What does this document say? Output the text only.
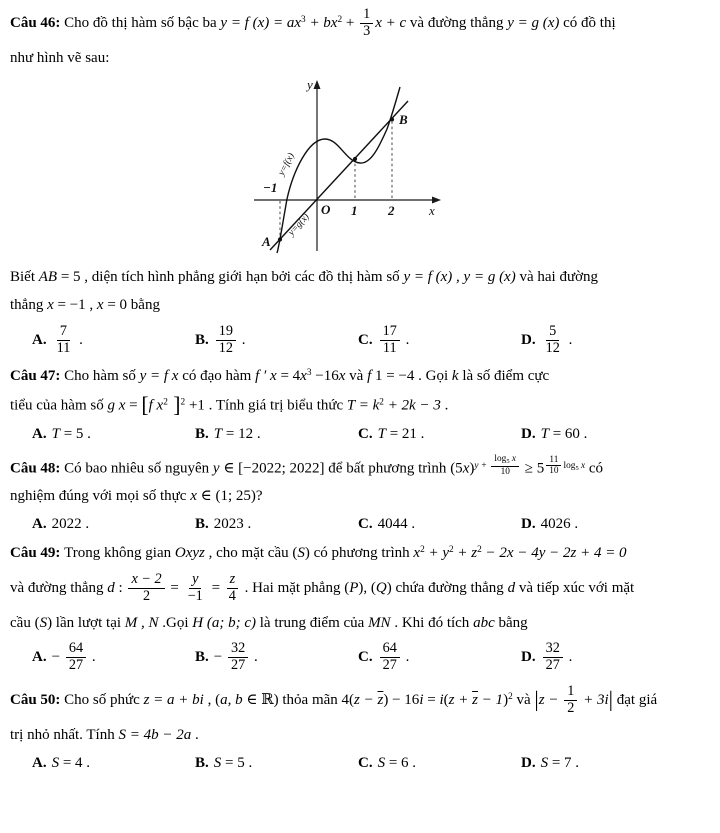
Câu 46: Cho đồ thị hàm số bậc ba y = f $(x) = ax^3 + bx^2 + \frac{1}{3}$ x + c và đường thẳng y = g (x) có đồ thị
như hình vẽ sau:
y
x
O
−1
1 2
A
B
y=f(x)
y=g(x)
Biết AB = 5 , diện tích hình phẳng giới hạn bởi các đồ thị hàm số y = f (x) , y = g (x) và hai đường
thẳng x = −1 , x = 0 bằng
A. $\frac{7}{11}$ .	B. $\frac{19}{12}$ .	C. $\frac{17}{11}$ .	D. $\frac{5}{12}$ .
Câu 47: Cho hàm số y = f x có đạo hàm f ′ $x = 4x^3 -16x$ và f 1 = −4 . Gọi k là số điểm cực
tiểu của hàm số g x = [f $x^2$ ]$^2$ +1 . Tính giá trị biểu thức $T = k^2 + 2k - 3$ .
A. T = 5 .	B. T = 12 .	C. T = 21 .	D. T = 60 .
Câu 48: Có bao nhiêu số nguyên y ∈ [−2022; 2022] để bất phương trình $(5x)^{y + \frac{\log_5 x}{10}} \ge 5$ $^{\frac{11}{10} log_5 x}$ có
nghiệm đúng với mọi số thực x ∈ (1; 25)?
A. 2022 .	B. 2023 .	C. 4044 .	D. 4026 .
Câu 49: Trong không gian Oxyz , cho mặt cầu (S) có phương trình $x^2 + y^2 + z^2 - 2x - 4y - 2z + 4 = 0$
và đường thẳng d : $\frac{x - 2}{2} = \frac{y}{-1} = \frac{z}{4}$ . Hai mặt phẳng (P), (Q) chứa đường thẳng d và tiếp xúc với mặt
cầu (S) lần lượt tại M , N .Gọi H (a; b; c) là trung điểm của MN . Khi đó tích abc bằng
A. − $\frac{64}{27}$ .	B. − $\frac{32}{27}$ .	C. $\frac{64}{27}$ .	D. $\frac{32}{27}$ .
Câu 50: Cho số phức z = a + bi , (a, b ∈ ℝ) thỏa mãn $4(z - \overline{z}) - 16i = i(z + \overline{z} - 1)^2$ và $|z - \frac{1}{2} + 3i|$ đạt giá
trị nhỏ nhất. Tính S = 4b − 2a .
A. S = 4 .	B. S = 5 .	C. S = 6 .	D. S = 7 .
